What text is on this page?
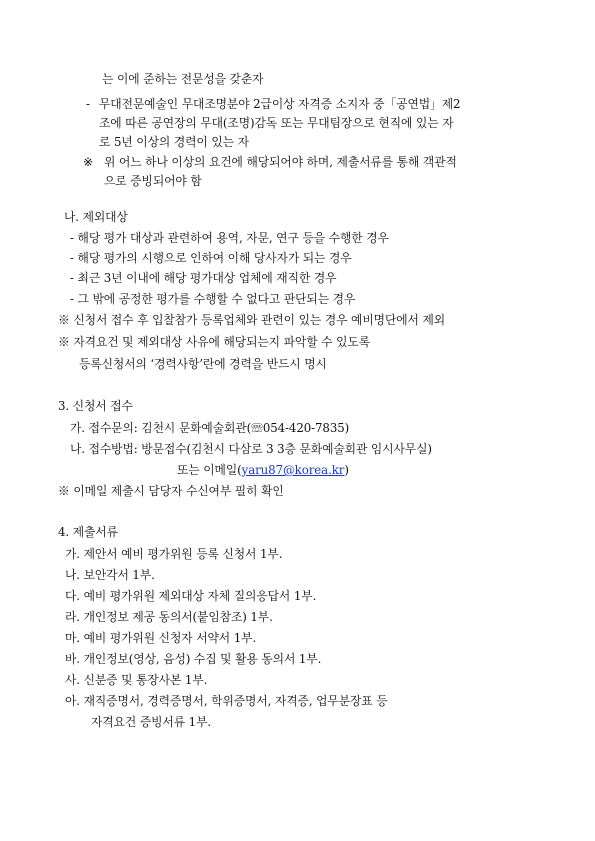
는 이에 준하는 전문성을 갖춘자
- 무대전문예술인 무대조명분야 2급이상 자격증 소지자 중「공연법」제2
조에 따른 공연장의 무대(조명)감독 또는 무대팀장으로 현직에 있는 자
로 5년 이상의 경력이 있는 자
※ 위 어느 하나 이상의 요건에 해당되어야 하며, 제출서류를 통해 객관적
으로 증빙되어야 함
나. 제외대상
- 해당 평가 대상과 관련하여 용역, 자문, 연구 등을 수행한 경우
- 해당 평가의 시행으로 인하여 이해 당사자가 되는 경우
- 최근 3년 이내에 해당 평가대상 업체에 재직한 경우
- 그 밖에 공정한 평가를 수행할 수 없다고 판단되는 경우
※ 신청서 접수 후 입찰참가 등록업체와 관련이 있는 경우 예비명단에서 제외
※ 자격요건 및 제외대상 사유에 해당되는지 파악할 수 있도록
등록신청서의 ‘경력사항’란에 경력을 반드시 명시
3. 신청서 접수
가. 접수문의: 김천시 문화예술회관(☏054-420-7835)
나. 접수방법: 방문접수(김천시 다삼로 3 3층 문화예술회관 임시사무실)
또는 이메일(yaru87@korea.kr)
※ 이메일 제출시 담당자 수신여부 필히 확인
4. 제출서류
가. 제안서 예비 평가위원 등록 신청서 1부.
나. 보안각서 1부.
다. 예비 평가위원 제외대상 자체 질의응답서 1부.
라. 개인정보 제공 동의서(붙임참조) 1부.
마. 예비 평가위원 신청자 서약서 1부.
바. 개인정보(영상, 음성) 수집 및 활용 동의서 1부.
사. 신분증 및 통장사본 1부.
아. 재직증명서, 경력증명서, 학위증명서, 자격증, 업무분장표 등
자격요건 증빙서류 1부.
